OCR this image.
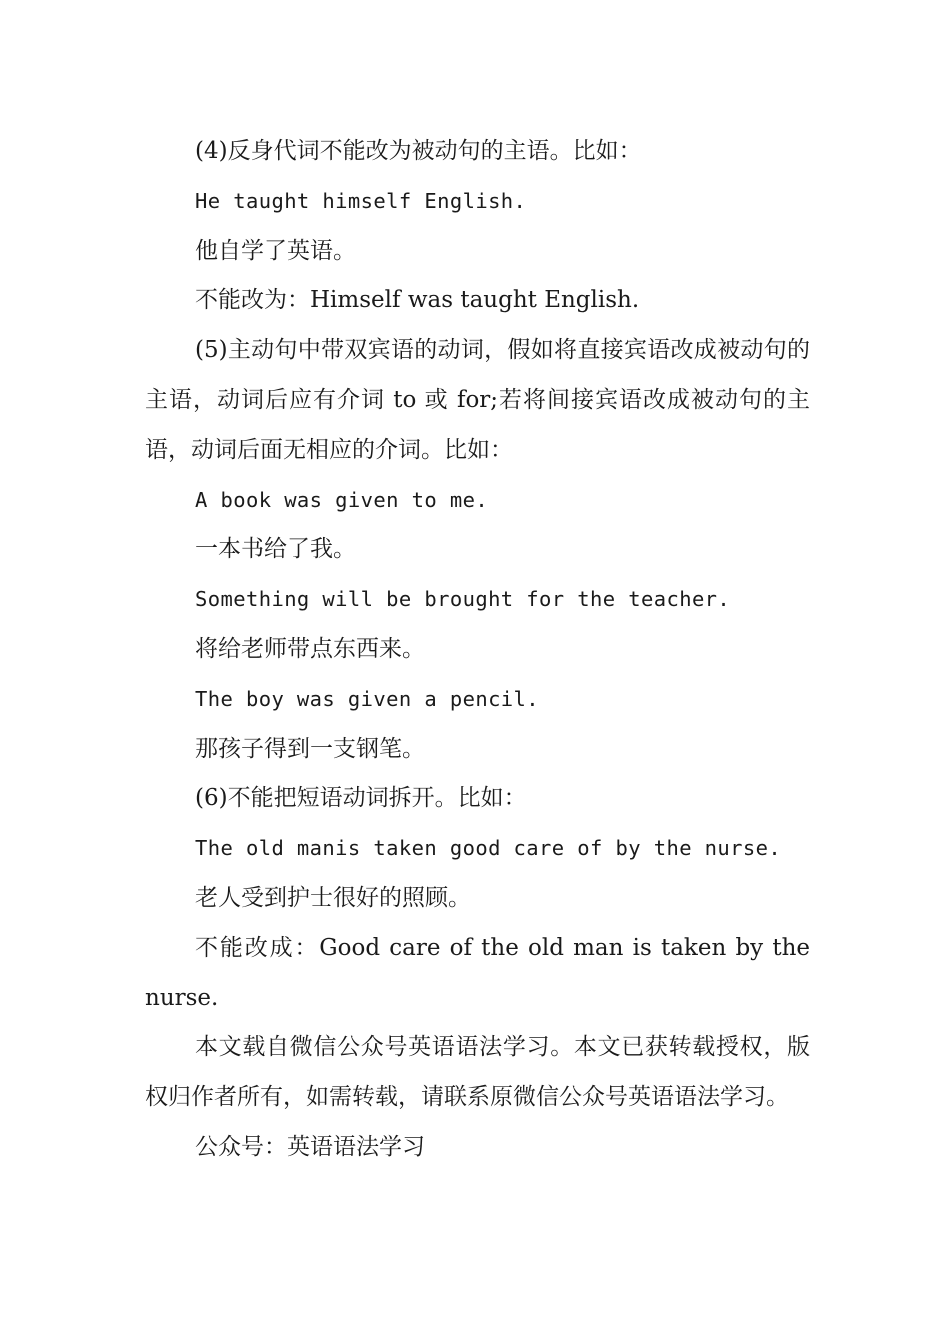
(4)反身代词不能改为被动句的主语。比如：

He taught himself English.

他自学了英语。

不能改为：Himself was taught English.

(5)主动句中带双宾语的动词，假如将直接宾语改成被动句的主语，动词后应有介词 to 或 for;若将间接宾语改成被动句的主语，动词后面无相应的介词。比如：

A book was given to me.

一本书给了我。

Something will be brought for the teacher.

将给老师带点东西来。

The boy was given a pencil.

那孩子得到一支钢笔。

(6)不能把短语动词拆开。比如：

The old manis taken good care of by the nurse.

老人受到护士很好的照顾。

不能改成：Good care of the old man is taken by the nurse.

本文载自微信公众号英语语法学习。本文已获转载授权，版权归作者所有，如需转载，请联系原微信公众号英语语法学习。

公众号：英语语法学习
